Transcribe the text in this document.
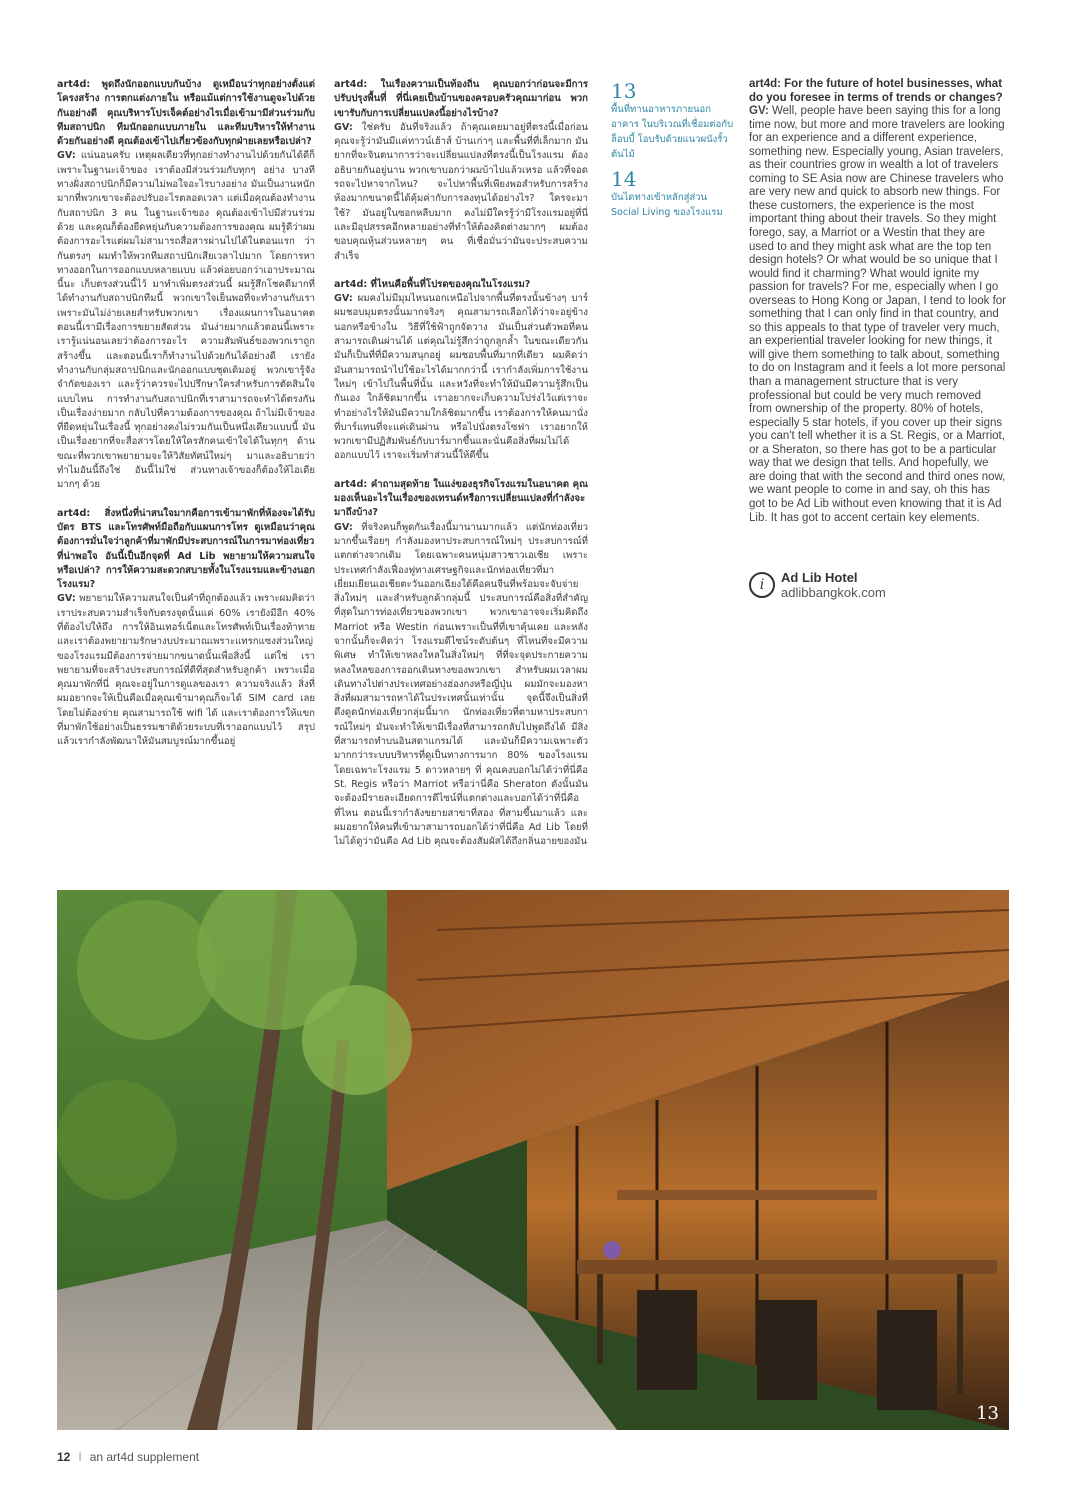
art4d: พูดถึงนักออกแบบกันบ้าง ดูเหมือนว่าทุกอย่างตั้งแต่โครงสร้าง การตกแต่งภายใน หรือแม้แต่การใช้งานดูจะไปด้วยกันอย่างดี คุณบริหารโปรเจ็คต์อย่างไรเมื่อเข้ามามีส่วนร่วมกับทีมสถาปนิก ทีมนักออกแบบภายใน และทีมบริหารให้ทำงานด้วยกันอย่างดี คุณต้องเข้าไปเกี่ยวข้องกับทุกฝ่ายเลยหรือเปล่า?
GV: แน่นอนครับ เหตุผลเดียวที่ทุกอย่างทำงานไปด้วยกันได้ดีก็เพราะในฐานะเจ้าของ เราต้องมีส่วนร่วมกับทุกๆ อย่าง บางทีทางฝั่งสถาปนิกก็มีความไม่พอใจอะไรบางอย่าง มันเป็นงานหนักมากที่พวกเขาจะต้องปรับอะไรตลอดเวลา แต่เมื่อคุณต้องทำงานกับสถาปนิก 3 คน ในฐานะเจ้าของ คุณต้องเข้าไปมีส่วนร่วมด้วย และคุณก็ต้องยืดหยุ่นกับความต้องการของคุณ ผมรู้ดีว่าผมต้องการอะไรแต่ผมไม่สามารถสื่อสารผ่านไปได้ในตอนแรก ว่ากันตรงๆ ผมทำให้พวกทีมสถาปนิกเสียเวลาไปมาก โดยการหาทางออกในการออกแบบหลายแบบ แล้วค่อยบอกว่าเอาประมาณนี้นะ เก็บตรงส่วนนี้ไว้ มาทำเพิ่มตรงส่วนนี้ ผมรู้สึกโชคดีมากที่ได้ทำงานกับสถาปนิกทีมนี้ พวกเขาใจเย็นพอที่จะทำงานกับเราเพราะมันไม่ง่ายเลยสำหรับพวกเขา เรื่องแผนการในอนาคต ตอนนี้เรามีเรื่องการขยายสัดส่วน มันง่ายมากแล้วตอนนี้เพราะเรารู้แน่นอนเลยว่าต้องการอะไร ความสัมพันธ์ของพวกเราถูกสร้างขึ้น และตอนนี้เราก็ทำงานไปด้วยกันได้อย่างดี เรายังทำงานกับกลุ่มสถาปนิกและนักออกแบบชุดเดิมอยู่ พวกเขารู้จังจำกัดของเรา และรู้ว่าควรจะไปปรึกษาใครสำหรับการตัดสินใจแบบไหน การทำงานกับสถาปนิกที่เราสามารถจะทำได้ตรงกันเป็นเรื่องง่ายมาก กลับไปที่ความต้องการของคุณ ถ้าไม่มีเจ้าของที่ยืดหยุ่นในเรื่องนี้ ทุกอย่างคงไม่รวมกันเป็นหนึ่งเดียวแบบนี้ มันเป็นเรื่องยากที่จะสื่อสารโดยให้ใครสักคนเข้าใจได้ในทุกๆ ด้าน ขณะที่พวกเขาพยายามจะให้วิสัยทัศน์ใหม่ๆ มาและอธิบายว่าทำไมอันนี้ถึงใช่ อันนี้ไม่ใช่ ส่วนทางเจ้าของก็ต้องให้ไอเดียมากๆ ด้วย

art4d: สิ่งหนึ่งที่น่าสนใจมากคือการเข้ามาพักที่ห้องจะได้รับบัตร BTS และโทรศัพท์มือถือกับแผนการโทร ดูเหมือนว่าคุณต้องการมั่นใจว่าลูกค้าที่มาพักมีประสบการณ์ในการมาท่องเที่ยวที่น่าพอใจ อันนี้เป็นอีกจุดที่ Ad Lib พยายามให้ความสนใจหรือเปล่า? การให้ความสะดวกสบายทั้งในโรงแรมและข้างนอกโรงแรม?
GV: พยายามให้ความสนใจเป็นคำที่ถูกต้องแล้ว เพราะผมคิดว่าเราประสบความสำเร็จกับตรงจุดนั้นแค่ 60% เรายังมีอีก 40% ที่ต้องไปให้ถึง การให้อินเทอร์เน็ตและโทรศัพท์เป็นเรื่องท้าทาย และเราต้องพยายามรักษางบประมาณเพราะแทรกแซงส่วนใหญ่ของโรงแรมมีต้องการจ่ายมากขนาดนั้นเพื่อสิ่งนี้ แต่ใช่ เราพยายามที่จะสร้างประสบการณ์ที่ดีที่สุดสำหรับลูกค้า เพราะเมื่อคุณมาพักที่นี่ คุณจะอยู่ในการดูแลของเรา ความจริงแล้ว สิ่งที่ผมอยากจะให้เป็นคือเมื่อคุณเข้ามาคุณก็จะได้ SIM card เลยโดยไม่ต้องจ่าย คุณสามารถใช้ wifi ได้ และเราต้องการให้แขกที่มาพักใช้อย่างเป็นธรรมชาติด้วยระบบที่เราออกแบบไว้ สรุปแล้วเรากำลังพัฒนาให้มันสมบูรณ์มากขึ้นอยู่

art4d: ในเรื่องความเป็นท้องถิ่น คุณบอกว่าก่อนจะมีการปรับปรุงพื้นที่ ที่นี่เคยเป็นบ้านของครอบครัวคุณมาก่อน พวกเขารับกับการเปลี่ยนแปลงนี้อย่างไรบ้าง?
GV: ใช่ครับ อันที่จริงแล้ว ถ้าคุณเคยมาอยู่ที่ตรงนี้เมื่อก่อน คุณจะรู้ว่ามันมีแค่ทาวน์เฮ้าส์ บ้านเก่าๆ และพื้นที่ที่เล็กมาก มันยากที่จะจินตนาการว่าจะเปลี่ยนแปลงที่ตรงนี้เป็นโรงแรม ต้องอธิบายกันอยู่นาน พวกเขาบอกว่าผมบ้าไปแล้วเหรอ แล้วที่จอดรถจะไปหาจากไหน? จะไปหาพื้นที่เพียงพอสำหรับการสร้างห้องมากขนาดนี้ได้คุ้มค่ากับการลงทุนได้อย่างไร? ใครจะมาใช้? มันอยู่ในซอกหลืบมาก คงไม่มีใครรู้ว่ามีโรงแรมอยู่ที่นี่ และมีอุปสรรคอีกหลายอย่างที่ทำให้ต้องคิดต่างมากๆ ผมต้องขอบคุณหุ้นส่วนหลายๆ คน ที่เชื่อมั่นว่ามันจะประสบความสำเร็จ

art4d: ที่ไหนคือพื้นที่โปรดของคุณในโรงแรม?
GV: ผมคงไม่มีมุมไหนนอกเหนือไปจากพื้นที่ตรงนั้นข้างๆ บาร์ ผมชอบมุมตรงนั้นมากจริงๆ คุณสามารถเลือกได้ว่าจะอยู่ข้างนอกหรือข้างใน วิธีที่ใช้ฟ้าถูกจัดวาง มันเป็นส่วนตัวพอที่คนสามารถเดินผ่านได้ แต่คุณไม่รู้สึกว่าถูกลูกล้ำ ในขณะเดียวกันมันก็เป็นที่ที่มีความสนุกอยู่ ผมชอบพื้นที่มากที่เดียว ผมคิดว่ามันสามารถนำไปใช้อะไรได้มากกว่านี้ เรากำลังเพิ่มการใช้งานใหม่ๆ เข้าไปในพื้นที่นั้น และหวังที่จะทำให้มันมีความรู้สึกเป็นกันเอง ใกล้ชิดมากขึ้น เราอยากจะเก็บความโปร่งไว้แต่เราจะทำอย่างไรให้มันมีความใกล้ชิดมากขึ้น เราต้องการให้คนมานั่งที่บาร์แทนที่จะแค่เดินผ่าน หรือไปนั่งตรงโซฟา เราอยากให้พวกเขามีปฏิสัมพันธ์กับบาร์มากขึ้นและนั่นคือสิ่งที่ผมไม่ได้ออกแบบไว้ เราจะเริ่มทำส่วนนี้ให้ดีขึ้น

art4d: คำถามสุดท้าย ในแง่ของธุรกิจโรงแรมในอนาคต คุณมองเห็นอะไรในเรื่องของเทรนด์หรือการเปลี่ยนแปลงที่กำลังจะมาถึงบ้าง?
GV: ที่จริงคนก็พูดกันเรื่องนี้มานานมากแล้ว แต่นักท่องเที่ยวมากขึ้นเรื่อยๆ กำลังมองหาประสบการณ์ใหม่ๆ ประสบการณ์ที่แตกต่างจากเดิม โดยเฉพาะคนหนุ่มสาวชาวเอเชีย เพราะประเทศกำลังเฟื่องฟูทางเศรษฐกิจและนักท่องเที่ยวที่มาเยี่ยมเยียนเอเชียตะวันออกเฉียงใต้คือคนจีนที่พร้อมจะจับจ่ายสิ่งใหม่ๆ และสำหรับลูกค้ากลุ่มนี้ ประสบการณ์คือสิ่งที่สำคัญที่สุดในการท่องเที่ยวของพวกเขา พวกเขาอาจจะเริ่มคิดถึง Marriot หรือ Westin ก่อนเพราะเป็นที่ที่เขาคุ้นเคย และหลังจากนั้นก็จะคิดว่า โรงแรมดีไซน์ระดับต้นๆ ที่ไหนที่จะมีความพิเศษ ทำให้เขาหลงใหลในสิ่งใหม่ๆ ที่ที่จะจุดประกายความหลงใหลของการออกเดินทางของพวกเขา สำหรับผมเวลาผมเดินทางไปต่างประเทศอย่างฮ่องกงหรือญี่ปุ่น ผมมักจะมองหาสิ่งที่ผมสามารถหาได้ในประเทศนั้นเท่านั้น จุดนี้จึงเป็นสิ่งที่ดึงดูดนักท่องเที่ยวกลุ่มนี้มาก นักท่องเที่ยวที่ตามหาประสบการณ์ใหม่ๆ มันจะทำให้เขามีเรื่องที่สามารถกลับไปพูดถึงได้ มีสิ่งที่สามารถทำบนอินสตาแกรมได้ และมันก็มีความเฉพาะตัวมากกว่าระบบบริหารที่ดูเป็นทางการมาก 80% ของโรงแรม โดยเฉพาะโรงแรม 5 ดาวหลายๆ ที่ คุณคงบอกไม่ได้ว่าที่นี่คือ St. Regis หรือว่า Marriot หรือว่านี่คือ Sheraton ดังนั้นมันจะต้องมีรายละเอียดการดีไซน์ที่แตกต่างและบอกได้ว่าที่นี่คือที่ไหน ตอนนี้เรากำลังขยายสาขาที่สอง ที่สามขึ้นมาแล้ว และผมอยากให้คนที่เข้ามาสามารถบอกได้ว่าที่นี่คือ Ad Lib โดยที่ไม่ได้ดูว่ามันคือ Ad Lib คุณจะต้องสัมผัสได้ถึงกลิ่นอายของมัน

13
พื้นที่ทานอาหารภายนอกอาคาร ในบริเวณที่เชื่อมต่อกับล็อบบี้ โอบรับด้วยแนวผนังรั้วต้นไม้
14
บันไดทางเข้าหลักสู่ส่วน Social Living ของโรงแรม
art4d: For the future of hotel businesses, what do you foresee in terms of trends or changes?
GV: Well, people have been saying this for a long time now, but more and more travelers are looking for an experience and a different experience, something new. Especially young, Asian travelers, as their countries grow in wealth a lot of travelers coming to SE Asia now are Chinese travelers who are very new and quick to absorb new things. For these customers, the experience is the most important thing about their travels. So they might forego, say, a Marriot or a Westin that they are used to and they might ask what are the top ten design hotels? Or what would be so unique that I would find it charming? What would ignite my passion for travels? For me, especially when I go overseas to Hong Kong or Japan, I tend to look for something that I can only find in that country, and so this appeals to that type of traveler very much, an experiential traveler looking for new things, it will give them something to talk about, something to do on Instagram and it feels a lot more personal than a management structure that is very professional but could be very much removed from ownership of the property. 80% of hotels, especially 5 star hotels, if you cover up their signs you can't tell whether it is a St. Regis, or a Marriot, or a Sheraton, so there has got to be a particular way that we design that tells. And hopefully, we are doing that with the second and third ones now, we want people to come in and say, oh this has got to be Ad Lib without even knowing that it is Ad Lib. It has got to accent certain key elements.
i	Ad Lib Hotel
adlibbangkok.com
13
12 I an art4d supplement
